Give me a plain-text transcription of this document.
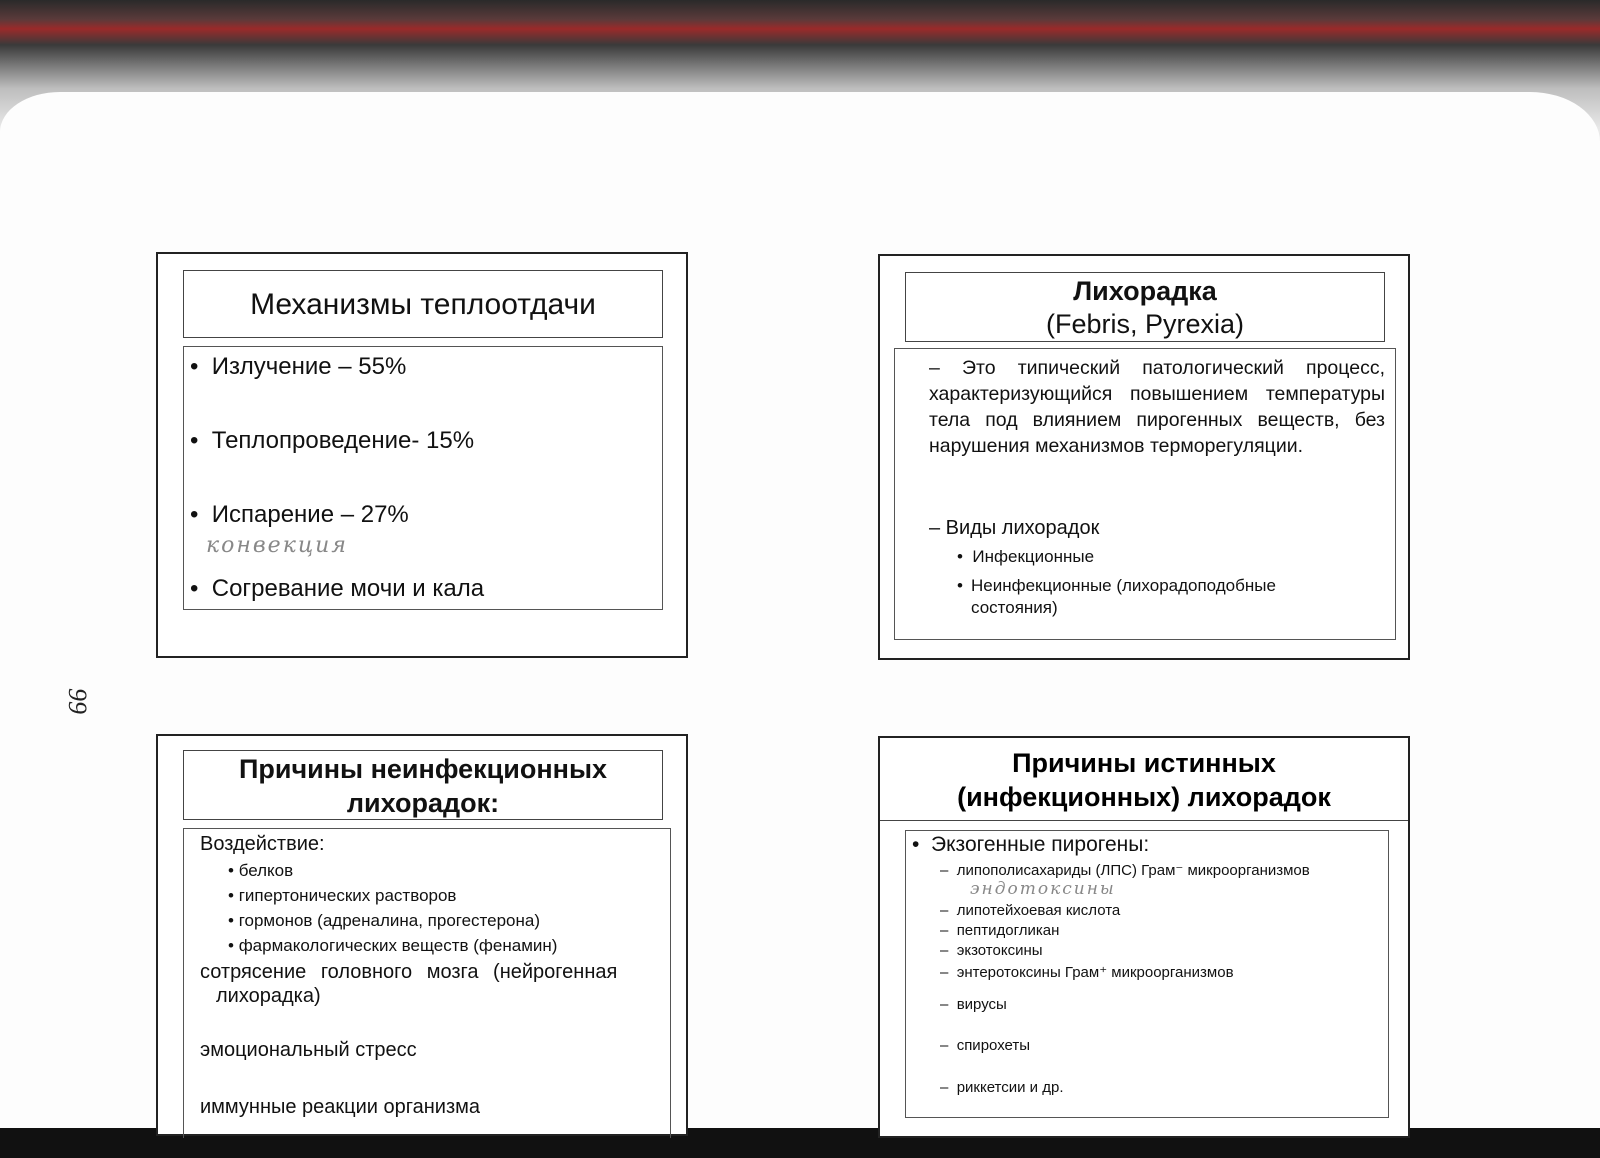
99
Механизмы теплоотдачи
•  Излучение – 55%
•  Теплопроведение- 15%
•  Испарение – 27%
конвекция
•  Согревание мочи и кала
Лихорадка
(Febris, Pyrexia)
– Это типический патологический процесс, характеризующийся повышением температуры тела под влиянием пирогенных веществ, без нарушения механизмов терморегуляции.
– Виды лихорадок
•  Инфекционные
• Неинфекционные (лихорадоподобные состояния)
Причины неинфекционных
лихорадок:
Воздействие:
• белков
• гипертонических растворов
• гормонов (адреналина, прогестерона)
• фармакологических веществ (фенамин)
сотрясение головного мозга (нейрогенная
лихорадка)
эмоциональный стресс
иммунные реакции организма
Причины истинных
(инфекционных) лихорадок
•  Экзогенные пирогены:
–  липополисахариды (ЛПС) Грам⁻ микроорганизмов
эндотоксины
–  липотейхоевая кислота
–  пептидогликан
–  экзотоксины
–  энтеротоксины Грам⁺ микроорганизмов
–  вирусы
–  спирохеты
–  риккетсии и др.
